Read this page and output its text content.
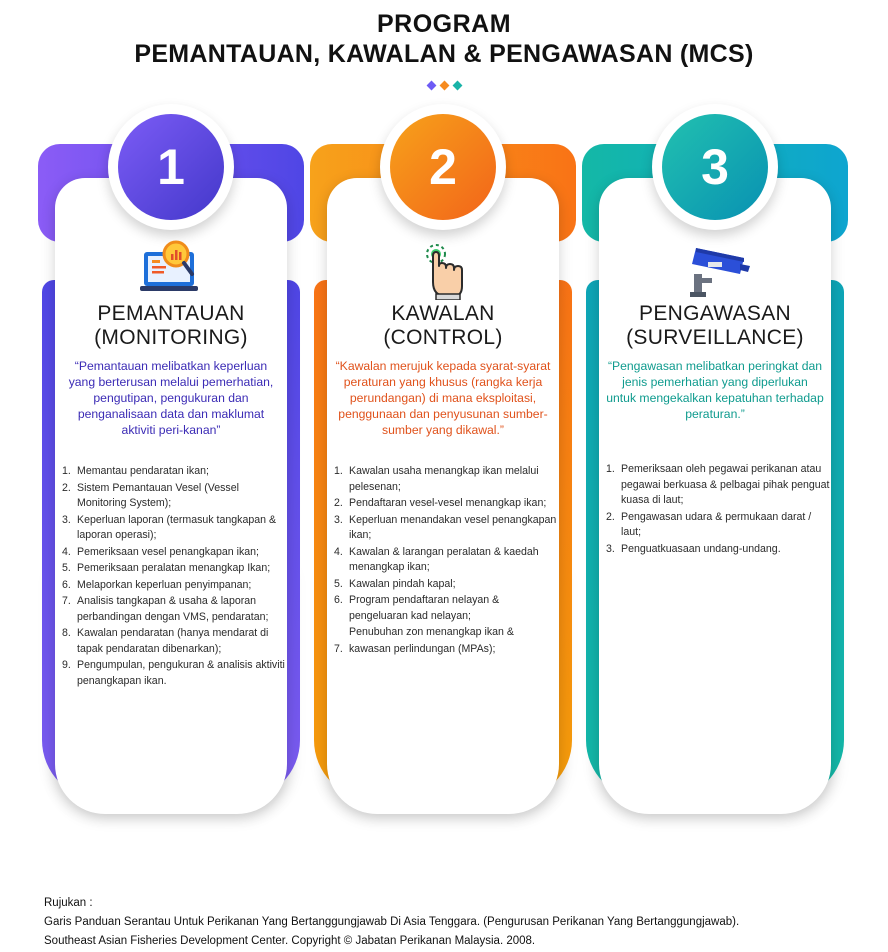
PROGRAM
PEMANTAUAN, KAWALAN & PENGAWASAN (MCS)
1
PEMANTAUAN
(MONITORING)
“Pemantauan melibatkan keperluan yang berterusan melalui pemerhatian, pengutipan, pengukuran dan penganalisaan data dan maklumat aktiviti peri-kanan”
1. Memantau pendaratan ikan;
2. Sistem Pemantauan Vesel (Vessel Monitoring System);
3. Keperluan laporan (termasuk tangkapan & laporan operasi);
4. Pemeriksaan vesel penangkapan ikan;
5. Pemeriksaan peralatan menangkap Ikan;
6. Melaporkan keperluan penyimpanan;
7. Analisis tangkapan & usaha & laporan perbandingan dengan VMS, pendaratan;
8. Kawalan pendaratan (hanya mendarat di tapak pendaratan dibenarkan);
9. Pengumpulan, pengukuran & analisis aktiviti penangkapan ikan.
2
KAWALAN
(CONTROL)
“Kawalan merujuk kepada syarat-syarat peraturan yang khusus (rangka kerja perundangan) di mana eksploitasi, penggunaan dan penyusunan sumber-sumber yang dikawal.”
1. Kawalan usaha menangkap ikan melalui pelesenan;
2. Pendaftaran vesel-vesel menangkap ikan;
3. Keperluan menandakan vesel penangkapan ikan;
4. Kawalan & larangan peralatan & kaedah menangkap ikan;
5. Kawalan pindah kapal;
6. Program pendaftaran nelayan & pengeluaran kad nelayan;
Penubuhan zon menangkap ikan &
7. kawasan perlindungan (MPAs);
3
PENGAWASAN
(SURVEILLANCE)
“Pengawasan melibatkan peringkat dan jenis pemerhatian yang diperlukan untuk mengekalkan kepatuhan terhadap peraturan.”
1. Pemeriksaan oleh pegawai perikanan atau pegawai berkuasa & pelbagai pihak penguat kuasa di laut;
2. Pengawasan udara & permukaan darat / laut;
3. Penguatkuasaan undang-undang.
Rujukan :
Garis Panduan Serantau Untuk Perikanan Yang Bertanggungjawab Di Asia Tenggara. (Pengurusan Perikanan Yang Bertanggungjawab).
Southeast Asian Fisheries Development Center. Copyright © Jabatan Perikanan Malaysia. 2008.
